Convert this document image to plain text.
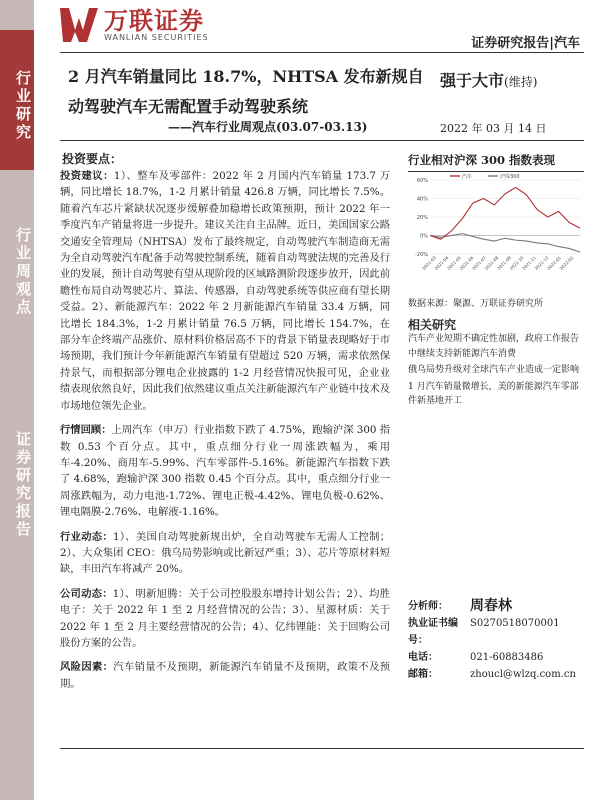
行业研究
行业周观点
证券研究报告
万联证券
WANLIAN SECURITIES	证券研究报告|汽车
2 月汽车销量同比 18.7%，NHTSA 发布新规自动驾驶汽车无需配置手动驾驶系统
——汽车行业周观点(03.07-03.13)
强于大市(维持)
2022 年 03 月 14 日
投资要点：

投资建议：1）、整车及零部件：2022 年 2 月国内汽车销量 173.7 万辆，同比增长 18.7%，1-2 月累计销量 426.8 万辆，同比增长 7.5%。随着汽车芯片紧缺状况逐步缓解叠加稳增长政策预期，预计 2022 年一季度汽车产销量将进一步提升。建议关注自主品牌。近日，美国国家公路交通安全管理局（NHTSA）发布了最终规定，自动驾驶汽车制造商无需为全自动驾驶汽车配备手动驾驶控制系统，随着自动驾驶法规的完善及行业的发展，预计自动驾驶有望从现阶段的区域路测阶段逐步放开，因此前瞻性布局自动驾驶芯片、算法、传感器，自动驾驶系统等供应商有望长期受益。2）、新能源汽车：2022 年 2 月新能源汽车销量 33.4 万辆，同比增长 184.3%，1-2 月累计销量 76.5 万辆，同比增长 154.7%，在部分车企终端产品涨价、原材料价格居高不下的背景下销量表现略好于市场预期，我们预计今年新能源汽车销量有望超过 520 万辆，需求依然保持景气，而根据部分锂电企业披露的 1-2 月经营情况快报可见，企业业绩表现依然良好，因此我们依然建议重点关注新能源汽车产业链中技术及市场地位领先企业。

行情回顾：上周汽车（申万）行业指数下跌了 4.75%，跑输沪深 300 指数 0.53 个百分点。其中，重点细分行业一周涨跌幅为，乘用车-4.20%、商用车-5.99%、汽车零部件-5.16%。新能源汽车指数下跌了 4.68%，跑输沪深 300 指数 0.45 个百分点。其中，重点细分行业一周涨跌幅为，动力电池-1.72%、锂电正极-4.42%、锂电负极-0.62%、锂电隔膜-2.76%、电解液-1.16%。

行业动态：1）、美国自动驾驶新规出炉，全自动驾驶车无需人工控制；2）、大众集团 CEO：俄乌局势影响或比新冠严重；3）、芯片等原材料短缺，丰田汽车将减产 20%。

公司动态：1）、明新旭腾：关于公司控股股东增持计划公告；2）、均胜电子：关于 2022 年 1 至 2 月经营情况的公告；3）、星源材质：关于 2022 年 1 至 2 月主要经营情况的公告；4）、亿纬锂能：关于回购公司股份方案的公告。

风险因素：汽车销量不及预期，新能源汽车销量不及预期，政策不及预期。

行业相对沪深 300 指数表现
60%
40%
20%
0%
-20%
2021-03
2021-04
2021-05
2021-06
2021-07
2021-08
2021-09
2021-10
2021-11
2021-12
2022-01
2022-02
汽车	沪深300
数据来源：聚源、万联证券研究所
相关研究
汽车产业短期不确定性加剧，政府工作报告中继续支持新能源汽车消费
俄乌局势升级对全球汽车产业造成一定影响
1 月汽车销量微增长，美的新能源汽车零部件新基地开工
分析师：	周春林
执业证书编号：
S0270518070001
电话：	021-60883486
邮箱：	zhoucl@wlzq.com.cn
